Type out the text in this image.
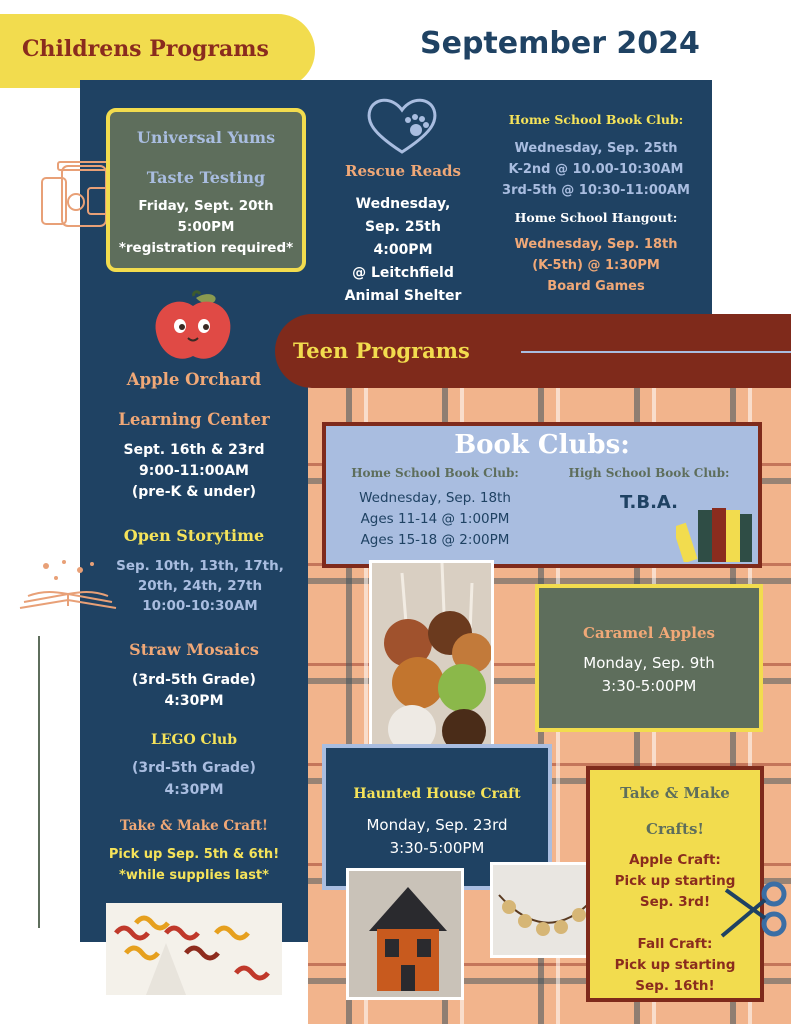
Childrens Programs	September 2024
Universal Yums
Taste Testing
Friday, Sept. 20th
5:00PM
*registration required*
Rescue Reads
Wednesday,
Sep. 25th
4:00PM
@ Leitchfield
Animal Shelter
Home School Book Club:
Wednesday, Sep. 25th
K-2nd @ 10.00-10:30AM
3rd-5th @ 10:30-11:00AM
Home School Hangout:
Wednesday, Sep. 18th
(K-5th) @ 1:30PM
Board Games
Apple Orchard
Learning Center
Sept. 16th & 23rd
9:00-11:00AM
(pre-K & under)
Open Storytime
Sep. 10th, 13th, 17th,
20th, 24th, 27th
10:00-10:30AM
Straw Mosaics
(3rd-5th Grade)
4:30PM
LEGO Club
(3rd-5th Grade)
4:30PM
Take & Make Craft!
Pick up Sep. 5th & 6th!
*while supplies last*
Teen Programs
Book Clubs:
Home School Book Club:
Wednesday, Sep. 18th
Ages 11-14 @ 1:00PM
Ages 15-18 @ 2:00PM
High School Book Club:
T.B.A.
Caramel Apples
Monday, Sep. 9th
3:30-5:00PM
Haunted House Craft
Monday, Sep. 23rd
3:30-5:00PM
Take & Make
Crafts!
Apple Craft:
Pick up starting
Sep. 3rd!
Fall Craft:
Pick up starting
Sep. 16th!
